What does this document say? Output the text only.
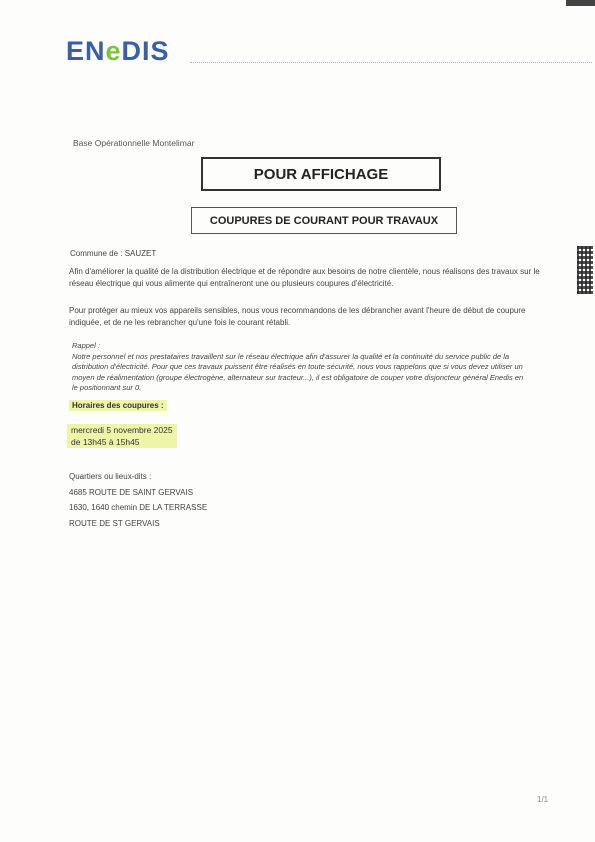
ENeDIS
Base Opérationnelle Montelimar
POUR AFFICHAGE
COUPURES DE COURANT POUR TRAVAUX
Commune de : SAUZET
Afin d'améliorer la qualité de la distribution électrique et de répondre aux besoins de notre clientèle, nous réalisons des travaux sur le réseau électrique qui vous alimente qui entraîneront une ou plusieurs coupures d'électricité.
Pour protéger au mieux vos appareils sensibles, nous vous recommandons de les débrancher avant l'heure de début de coupure indiquée, et de ne les rebrancher qu'une fois le courant rétabli.
Rappel :
Notre personnel et nos prestataires travaillent sur le réseau électrique afin d'assurer la qualité et la continuité du service public de la distribution d'électricité. Pour que ces travaux puissent être réalisés en toute sécurité, nous vous rappelons que si vous devez utiliser un moyen de réalimentation (groupe électrogène, alternateur sur tracteur...), il est obligatoire de couper votre disjoncteur général Enedis en le positionnant sur 0.
Horaires des coupures :
mercredi 5 novembre 2025
de 13h45 à 15h45
Quartiers ou lieux-dits :
4685 ROUTE DE SAINT GERVAIS
1630, 1640 chemin DE LA TERRASSE
ROUTE DE ST GERVAIS
1/1
